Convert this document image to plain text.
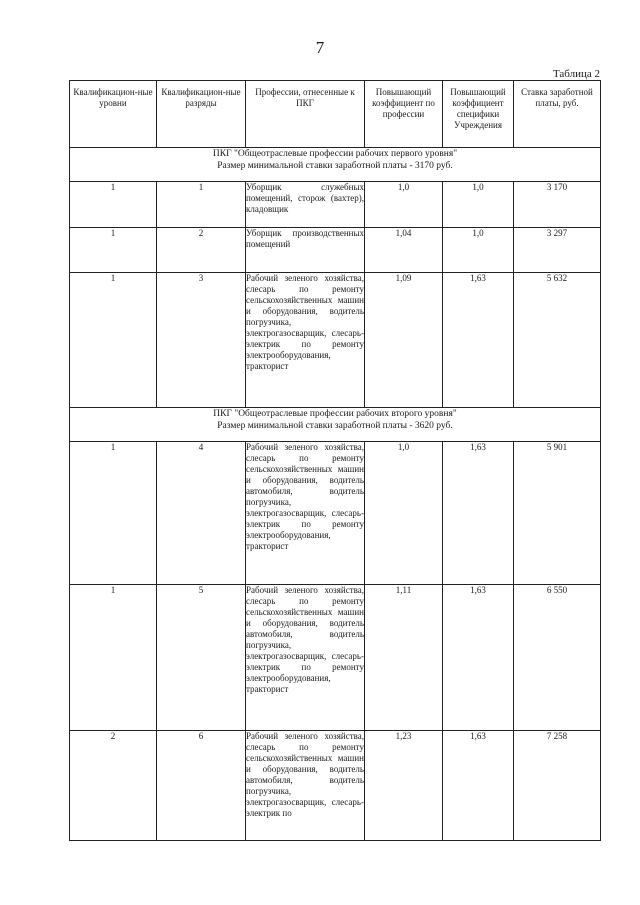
7
Таблица 2
Квалификацион-ные уровни	Квалификацион-ные разряды	Профессии, отнесенные к ПКГ	Повышающий коэффициент по профессии	Повышающий коэффициент специфики Учреждения	Ставка заработной платы, руб.

ПКГ "Общеотраслевые профессии рабочих первого уровня"
Размер минимальной ставки заработной платы - 3170 руб.					

1	1	Уборщик служебных помещений, сторож (вахтер), кладовщик	1,0	1,0	3 170
1	2	Уборщик производственных помещений	1,04	1,0	3 297
1	3	Рабочий зеленого хозяйства, слесарь по ремонту сельскохозяйственных машин и оборудования, водитель погрузчика, электрогазосварщик, слесарь-электрик по ремонту электрооборудования, тракторист	1,09	1,63	5 632

ПКГ "Общеотраслевые профессии рабочих второго уровня"
Размер минимальной ставки заработной платы - 3620 руб.					

1	4	Рабочий зеленого хозяйства, слесарь по ремонту сельскохозяйственных машин и оборудования, водитель автомобиля, водитель погрузчика, электрогазосварщик, слесарь-электрик по ремонту электрооборудования, тракторист	1,0	1,63	5 901
1	5	Рабочий зеленого хозяйства, слесарь по ремонту сельскохозяйственных машин и оборудования, водитель автомобиля, водитель погрузчика, электрогазосварщик, слесарь-электрик по ремонту электрооборудования, тракторист	1,11	1,63	6 550
2	6	Рабочий зеленого хозяйства, слесарь по ремонту сельскохозяйственных машин и оборудования, водитель автомобиля, водитель погрузчика, электрогазосварщик, слесарь-электрик по	1,23	1,63	7 258
